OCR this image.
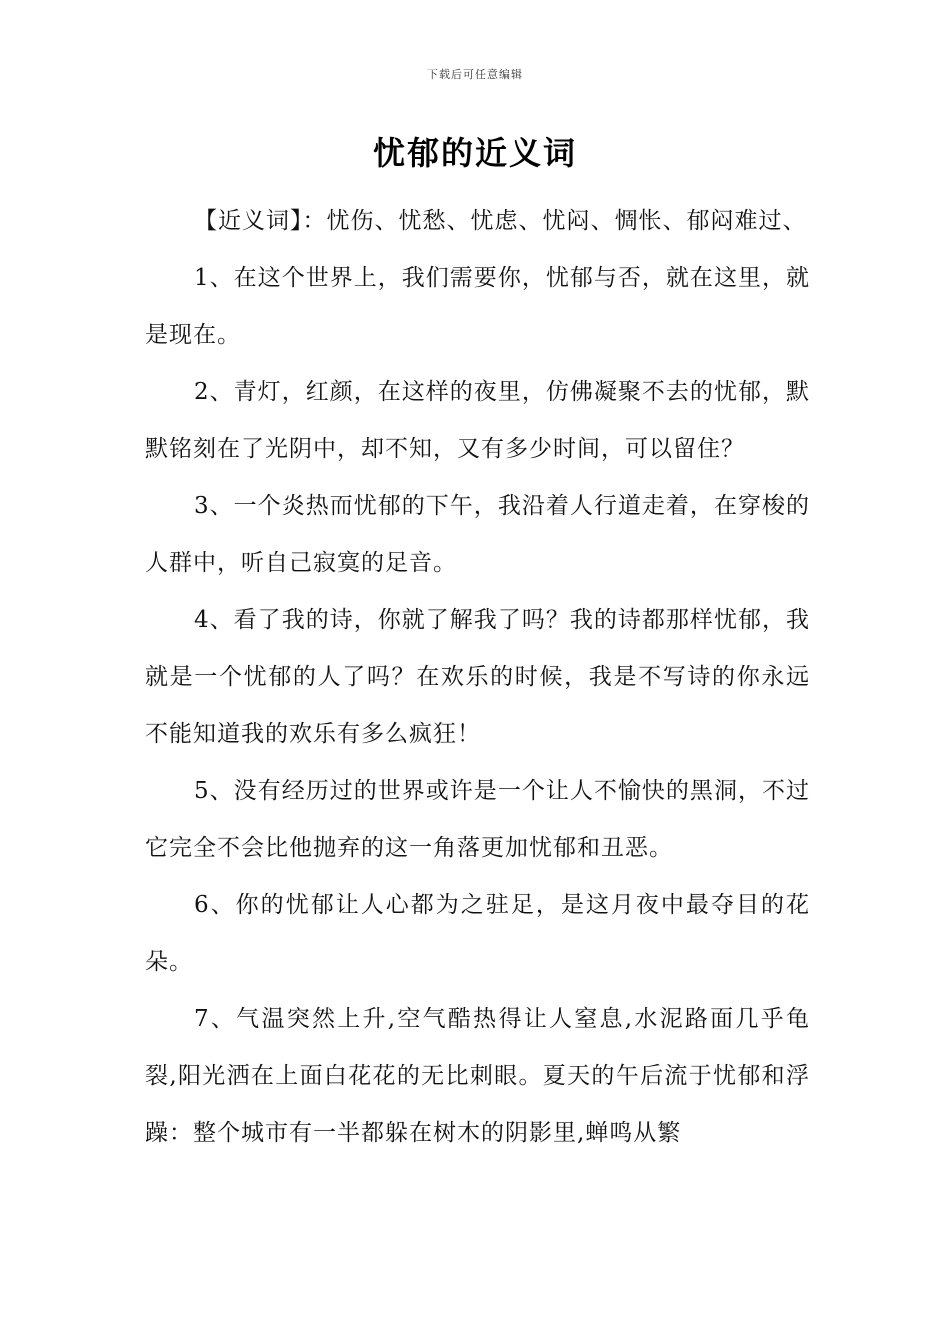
下载后可任意编辑
忧郁的近义词

【近义词】：忧伤、忧愁、忧虑、忧闷、惆怅、郁闷难过、

1、在这个世界上，我们需要你，忧郁与否，就在这里，就是现在。

2、青灯，红颜，在这样的夜里，仿佛凝聚不去的忧郁，默默铭刻在了光阴中，却不知，又有多少时间，可以留住？

3、一个炎热而忧郁的下午，我沿着人行道走着，在穿梭的人群中，听自己寂寞的足音。

4、看了我的诗，你就了解我了吗？我的诗都那样忧郁，我就是一个忧郁的人了吗？在欢乐的时候，我是不写诗的你永远不能知道我的欢乐有多么疯狂！

5、没有经历过的世界或许是一个让人不愉快的黑洞，不过它完全不会比他抛弃的这一角落更加忧郁和丑恶。

6、你的忧郁让人心都为之驻足，是这月夜中最夺目的花朵。

7、气温突然上升,空气酷热得让人窒息,水泥路面几乎龟裂,阳光洒在上面白花花的无比刺眼。夏天的午后流于忧郁和浮躁：整个城市有一半都躲在树木的阴影里,蝉鸣从繁
